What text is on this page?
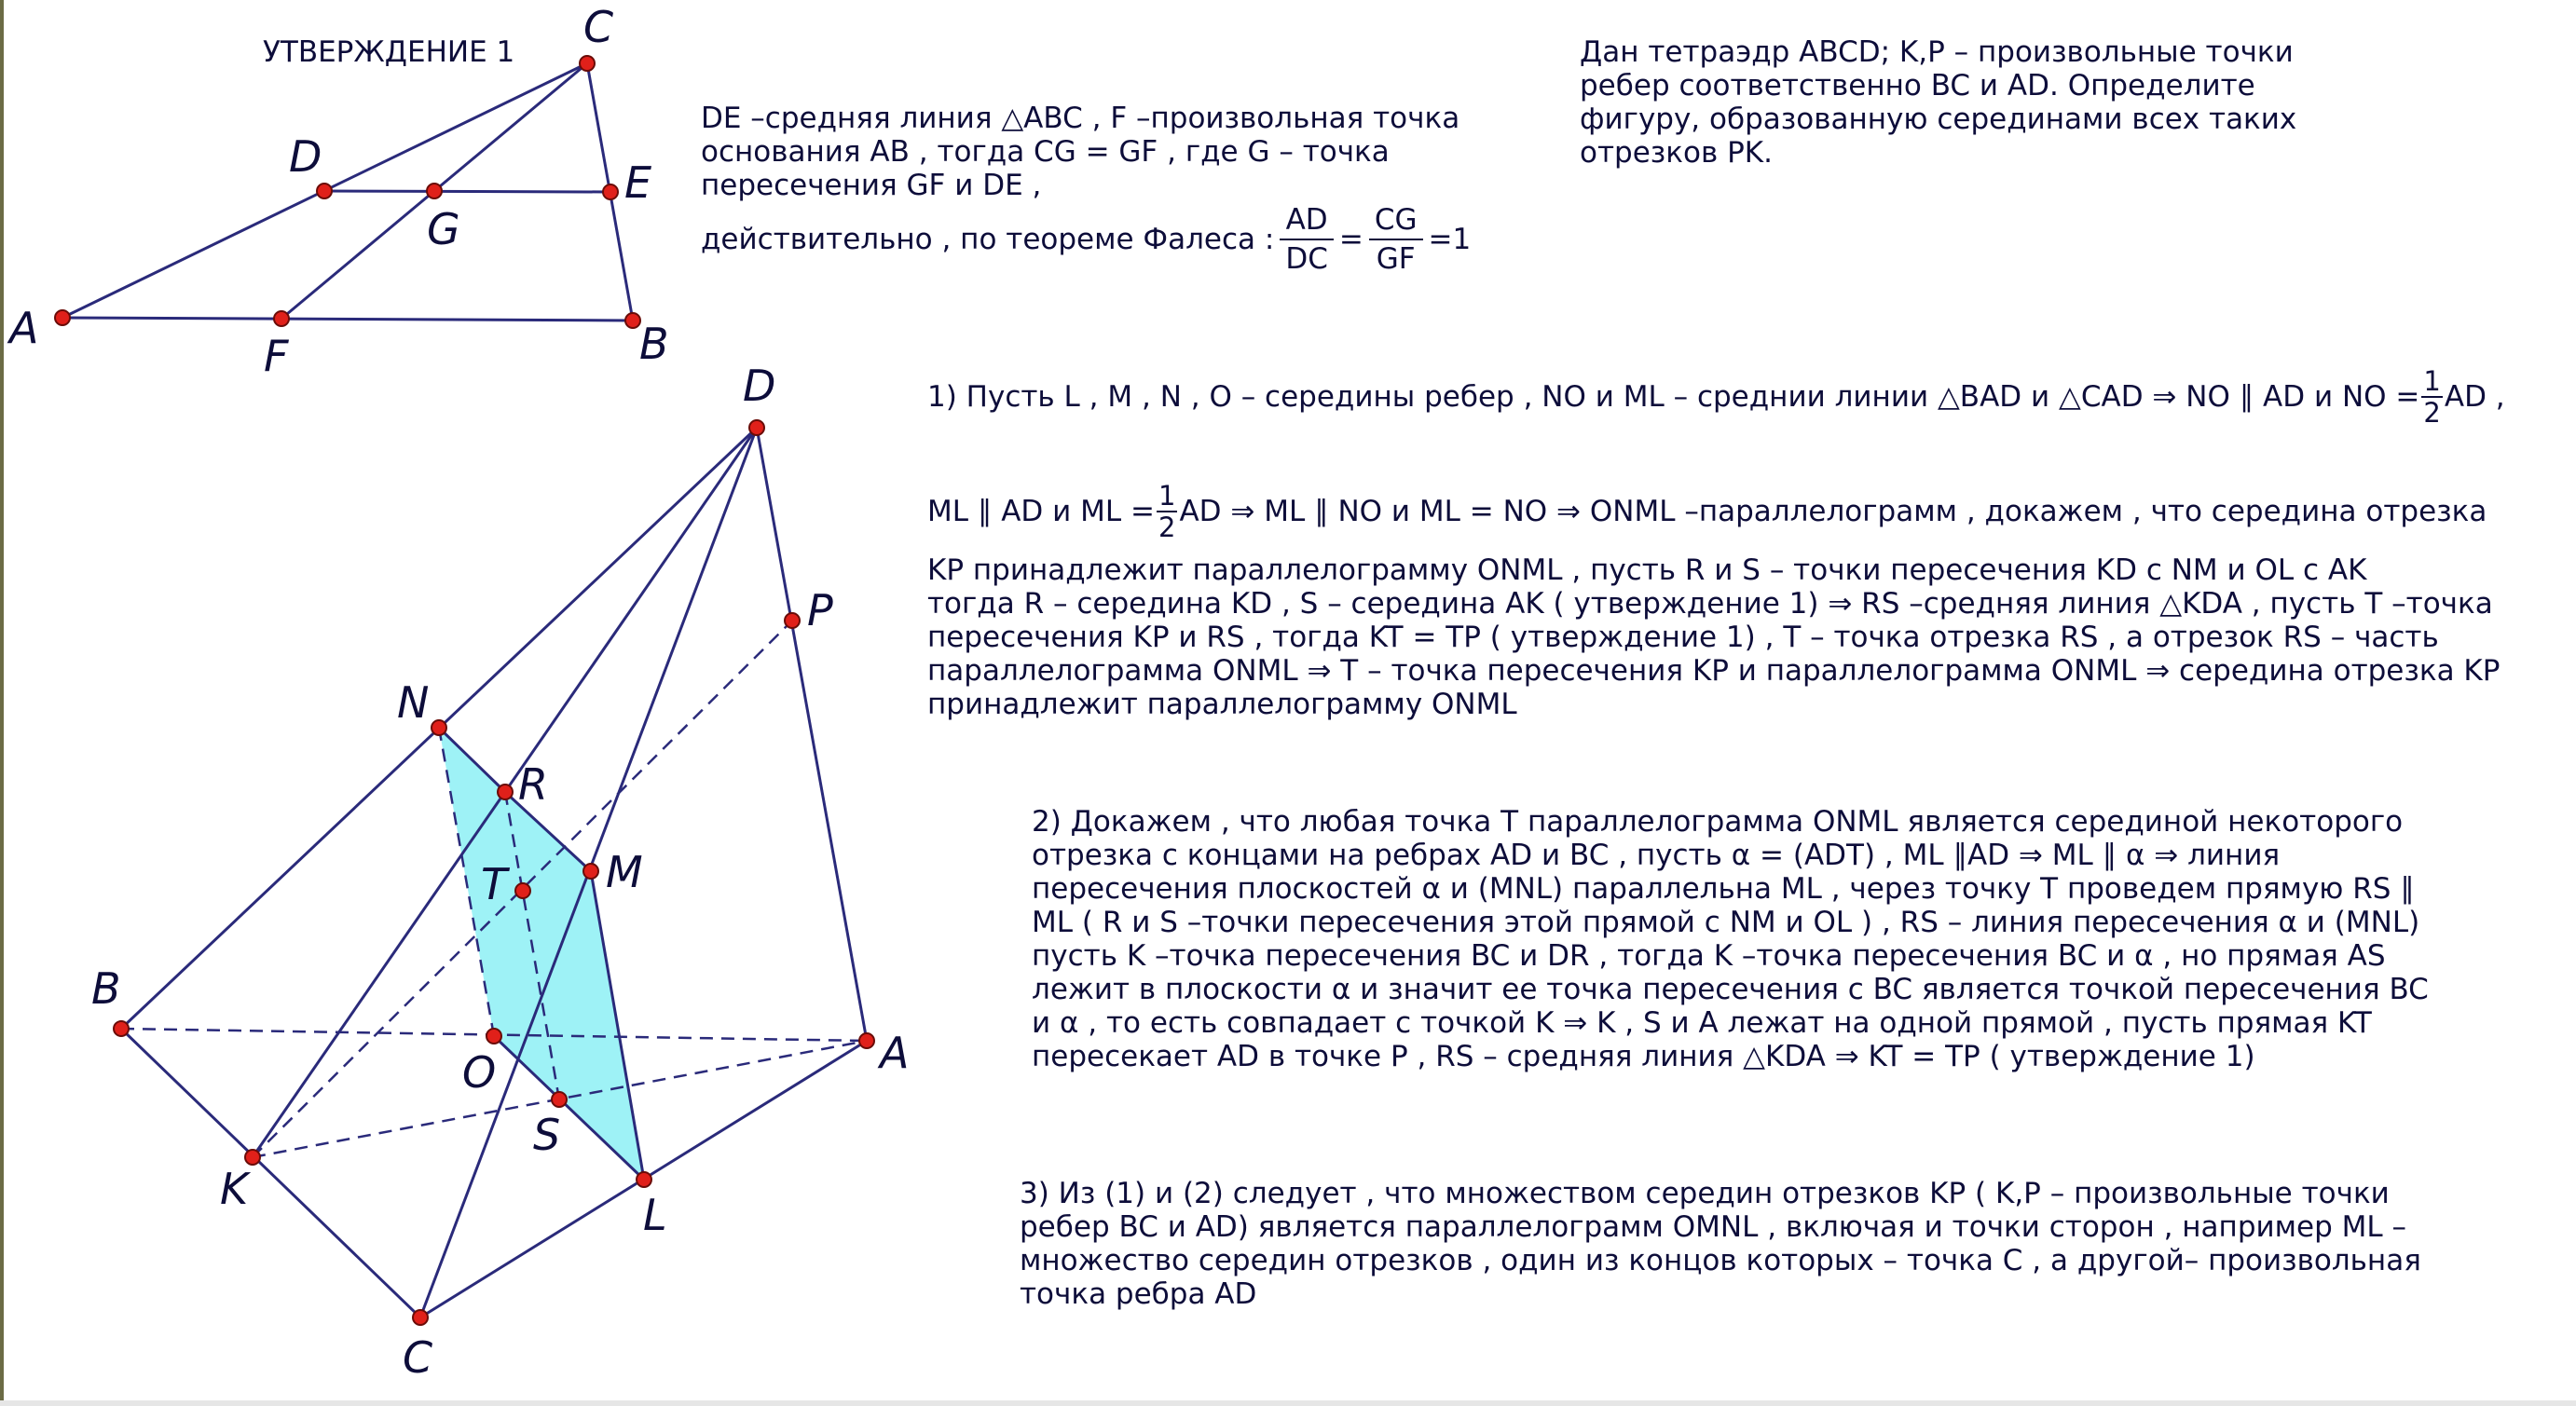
A	B
C
D
E
F
G
D
B
A
C
K
L
M
N
O
P
R
S
T
УТВЕРЖДЕНИЕ 1	Дан тетраэдр ABCD; K,P – произвольные точки
ребер соответственно BC и AD. Определите
фигуру, образованную серединами всех таких
отрезков PK.
DE –средняя линия △ABC , F –произвольная точка
основания AB , тогда CG = GF , где G – точка
пересечения GF и DE ,
действительно , по теореме Фалеса : $\frac{AD}{DC} = \frac{CG}{GF} =1$
1) Пусть L , M , N , O – середины ребер , NO и ML – среднии линии △BAD и △CAD ⇒ NO ∥ AD и NO = $\frac{1}{2}$ AD ,
ML ∥ AD и ML = $\frac{1}{2}$ AD ⇒ ML ∥ NO и ML = NO ⇒ ONML –параллелограмм , докажем , что середина отрезка
KP принадлежит параллелограмму ONML , пусть R и S – точки пересечения KD с NM и OL с AK
тогда R – середина KD , S – середина AK ( утверждение 1) ⇒ RS –средняя линия △KDA , пусть T –точка
пересечения KP и RS , тогда KT = TP ( утверждение 1) , T – точка отрезка RS , а отрезок RS – часть
параллелограмма ONML ⇒ T – точка пересечения KP и параллелограмма ONML ⇒ середина отрезка KP
принадлежит параллелограмму ONML
2) Докажем , что любая точка T параллелограмма ONML является серединой некоторого
отрезка с концами на ребрах AD и BC , пусть α = (ADT) , ML ∥AD ⇒ ML ∥ α ⇒ линия
пересечения плоскостей α и (MNL) параллельна ML , через точку T проведем прямую RS ∥
ML ( R и S –точки пересечения этой прямой с NM и OL ) , RS – линия пересечения α и (MNL)
пусть K –точка пересечения BC и DR , тогда K –точка пересечения BC и α , но прямая AS
лежит в плоскости α и значит ее точка пересечения с BC является точкой пересечения BC
и α , то есть совпадает с точкой K ⇒ K , S и A лежат на одной прямой , пусть прямая KT
пересекает AD в точке P , RS – средняя линия △KDA ⇒ KT = TP ( утверждение 1)
3) Из (1) и (2) следует , что множеством середин отрезков KP ( K,P – произвольные точки
ребер BC и AD) является параллелограмм OMNL , включая и точки сторон , например ML –
множество середин отрезков , один из концов которых – точка C , а другой– произвольная
точка ребра AD
